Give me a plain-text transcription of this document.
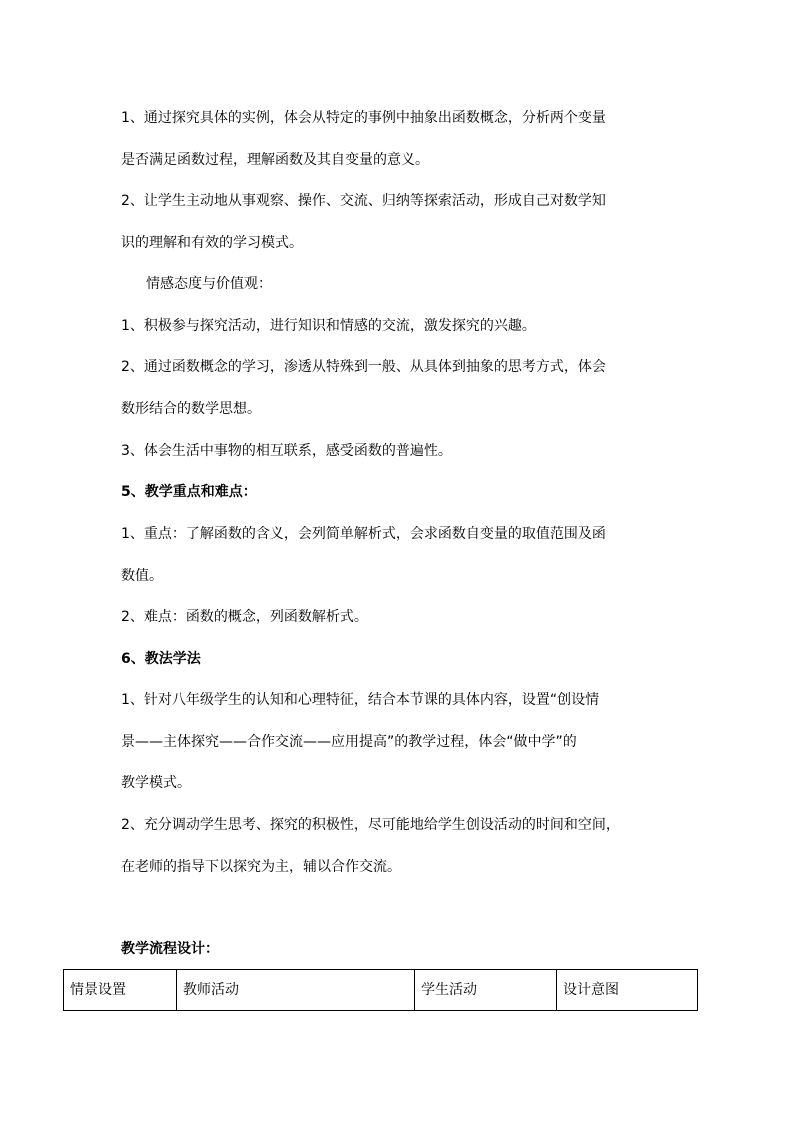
1、通过探究具体的实例，体会从特定的事例中抽象出函数概念，分析两个变量
是否满足函数过程，理解函数及其自变量的意义。
2、让学生主动地从事观察、操作、交流、归纳等探索活动，形成自己对数学知
识的理解和有效的学习模式。
情感态度与价值观：
1、积极参与探究活动，进行知识和情感的交流，激发探究的兴趣。
2、通过函数概念的学习，渗透从特殊到一般、从具体到抽象的思考方式，体会
数形结合的数学思想。
3、体会生活中事物的相互联系，感受函数的普遍性。
5、教学重点和难点：
1、重点：了解函数的含义，会列简单解析式，会求函数自变量的取值范围及函
数值。
2、难点：函数的概念，列函数解析式。
6、教法学法
1、针对八年级学生的认知和心理特征，结合本节课的具体内容，设置“创设情
景——主体探究——合作交流——应用提高”的教学过程，体会“做中学”的
教学模式。
2、充分调动学生思考、探究的积极性，尽可能地给学生创设活动的时间和空间，
在老师的指导下以探究为主，辅以合作交流。
教学流程设计：
情景设置	教师活动	学生活动	设计意图
